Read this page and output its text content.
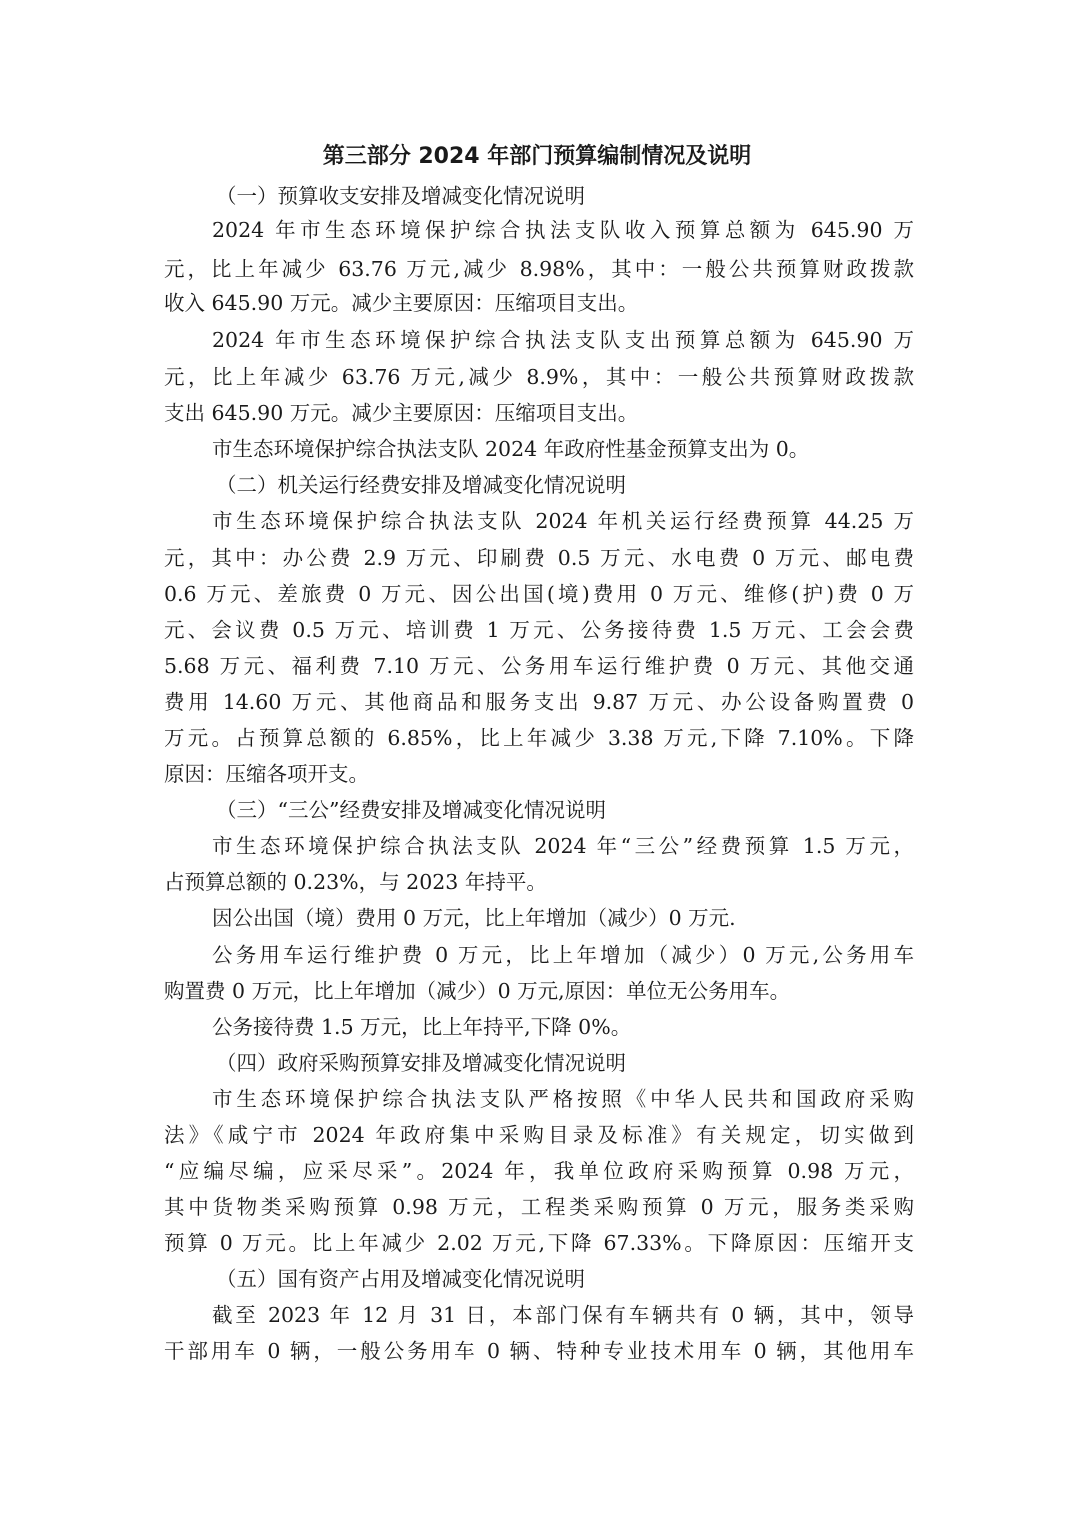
第三部分 2024 年部门预算编制情况及说明
（一）预算收支安排及增减变化情况说明
2024 年市生态环境保护综合执法支队收入预算总额为 645.90 万
元，比上年减少 63.76 万元,减少 8.98%，其中：一般公共预算财政拨款
收入 645.90 万元。减少主要原因：压缩项目支出。
2024 年市生态环境保护综合执法支队支出预算总额为 645.90 万
元，比上年减少 63.76 万元,减少 8.9%，其中：一般公共预算财政拨款
支出 645.90 万元。减少主要原因：压缩项目支出。
市生态环境保护综合执法支队 2024 年政府性基金预算支出为 0。
（二）机关运行经费安排及增减变化情况说明
市生态环境保护综合执法支队 2024 年机关运行经费预算 44.25 万
元，其中：办公费 2.9 万元、印刷费 0.5 万元、水电费 0 万元、邮电费
0.6 万元、差旅费 0 万元、因公出国(境)费用 0 万元、维修(护)费 0 万
元、会议费 0.5 万元、培训费 1 万元、公务接待费 1.5 万元、工会会费
5.68 万元、福利费 7.10 万元、公务用车运行维护费 0 万元、其他交通
费用 14.60 万元、其他商品和服务支出 9.87 万元、办公设备购置费 0
万元。占预算总额的 6.85%，比上年减少 3.38 万元,下降 7.10%。下降
原因：压缩各项开支。
（三）“三公”经费安排及增减变化情况说明
市生态环境保护综合执法支队 2024 年“三公”经费预算 1.5 万元，
占预算总额的 0.23%，与 2023 年持平。
因公出国（境）费用 0 万元，比上年增加（减少）0 万元.
公务用车运行维护费 0 万元，比上年增加（减少）0 万元,公务用车
购置费 0 万元，比上年增加（减少）0 万元,原因：单位无公务用车。
公务接待费 1.5 万元，比上年持平,下降 0%。
（四）政府采购预算安排及增减变化情况说明
市生态环境保护综合执法支队严格按照《中华人民共和国政府采购
法》《咸宁市 2024 年政府集中采购目录及标准》有关规定，切实做到
“应编尽编，应采尽采”。2024 年，我单位政府采购预算 0.98 万元，
其中货物类采购预算 0.98 万元，工程类采购预算 0 万元，服务类采购
预算 0 万元。比上年减少 2.02 万元,下降 67.33%。下降原因：压缩开支
（五）国有资产占用及增减变化情况说明
截至 2023 年 12 月 31 日，本部门保有车辆共有 0 辆，其中，领导
干部用车 0 辆，一般公务用车 0 辆、特种专业技术用车 0 辆，其他用车
